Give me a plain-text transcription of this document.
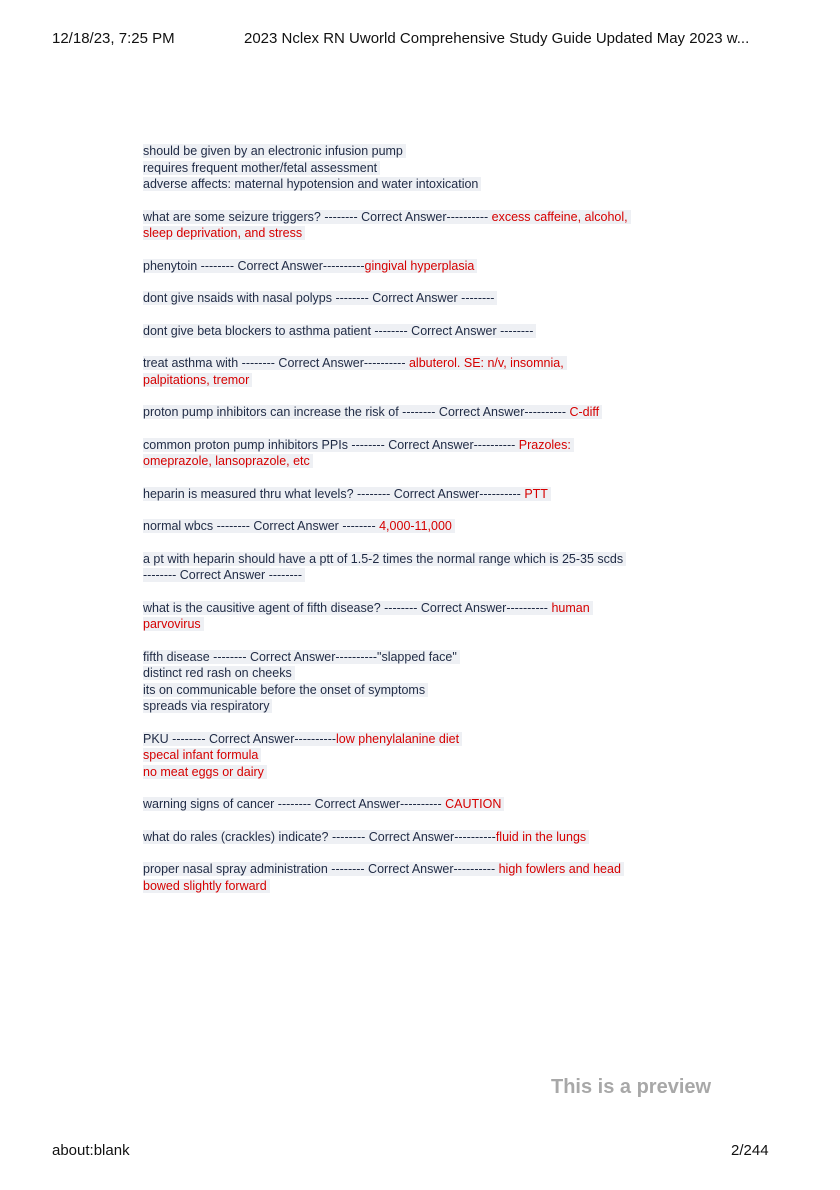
12/18/23, 7:25 PM	2023 Nclex RN Uworld Comprehensive Study Guide Updated May 2023 w...
should be given by an electronic infusion pump
requires frequent mother/fetal assessment
adverse affects: maternal hypotension and water intoxication
what are some seizure triggers? -------- Correct Answer---------- excess caffeine, alcohol,
sleep deprivation, and stress
phenytoin -------- Correct Answer----------gingival hyperplasia
dont give nsaids with nasal polyps -------- Correct Answer --------
dont give beta blockers to asthma patient -------- Correct Answer --------
treat asthma with -------- Correct Answer---------- albuterol. SE: n/v, insomnia,
palpitations, tremor
proton pump inhibitors can increase the risk of -------- Correct Answer---------- C-diff
common proton pump inhibitors PPIs -------- Correct Answer---------- Prazoles:
omeprazole, lansoprazole, etc
heparin is measured thru what levels? -------- Correct Answer---------- PTT
normal wbcs -------- Correct Answer -------- 4,000-11,000
a pt with heparin should have a ptt of 1.5-2 times the normal range which is 25-35 scds
-------- Correct Answer --------
what is the causitive agent of fifth disease? -------- Correct Answer---------- human
parvovirus
fifth disease -------- Correct Answer----------"slapped face"
distinct red rash on cheeks
its on communicable before the onset of symptoms
spreads via respiratory
PKU -------- Correct Answer----------low phenylalanine diet
specal infant formula
no meat eggs or dairy
warning signs of cancer -------- Correct Answer---------- CAUTION
what do rales (crackles) indicate? -------- Correct Answer----------fluid in the lungs
proper nasal spray administration -------- Correct Answer---------- high fowlers and head
bowed slightly forward
This is a preview
about:blank	2/244
